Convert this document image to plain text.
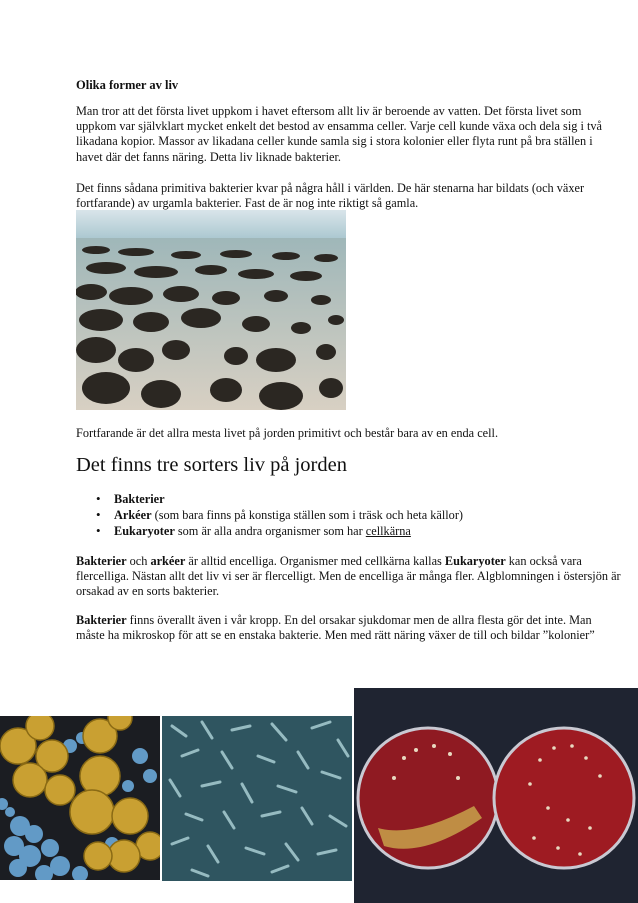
Olika former av liv

Man tror att det första livet uppkom i havet eftersom allt liv är beroende av vatten. Det första livet som uppkom var självklart mycket enkelt det bestod av ensamma celler. Varje cell kunde växa och dela sig i två likadana kopior. Massor av likadana celler kunde samla sig i stora kolonier eller flyta runt på bra ställen i havet där det fanns näring. Detta liv liknade bakterier.

Det finns sådana primitiva bakterier kvar på några håll i världen. De här stenarna har bildats (och växer fortfarande) av urgamla bakterier. Fast de är nog inte riktigt så gamla.

Fortfarande är det allra mesta livet på jorden primitivt och består bara av en enda cell.

Det finns tre sorters liv på jorden
• Bakterier
• Arkéer (som bara finns på konstiga ställen som i träsk och heta källor)
• Eukaryoter som är alla andra organismer som har cellkärna

Bakterier och arkéer är alltid encelliga. Organismer med cellkärna kallas Eukaryoter kan också vara flercelliga. Nästan allt det liv vi ser är flercelligt. Men de encelliga är många fler. Algblomningen i östersjön är orsakad av en sorts bakterier.

Bakterier finns överallt även i vår kropp. En del orsakar sjukdomar men de allra flesta gör det inte. Man måste ha mikroskop för att se en enstaka bakterie. Men med rätt näring växer de till och bildar ”kolonier”
